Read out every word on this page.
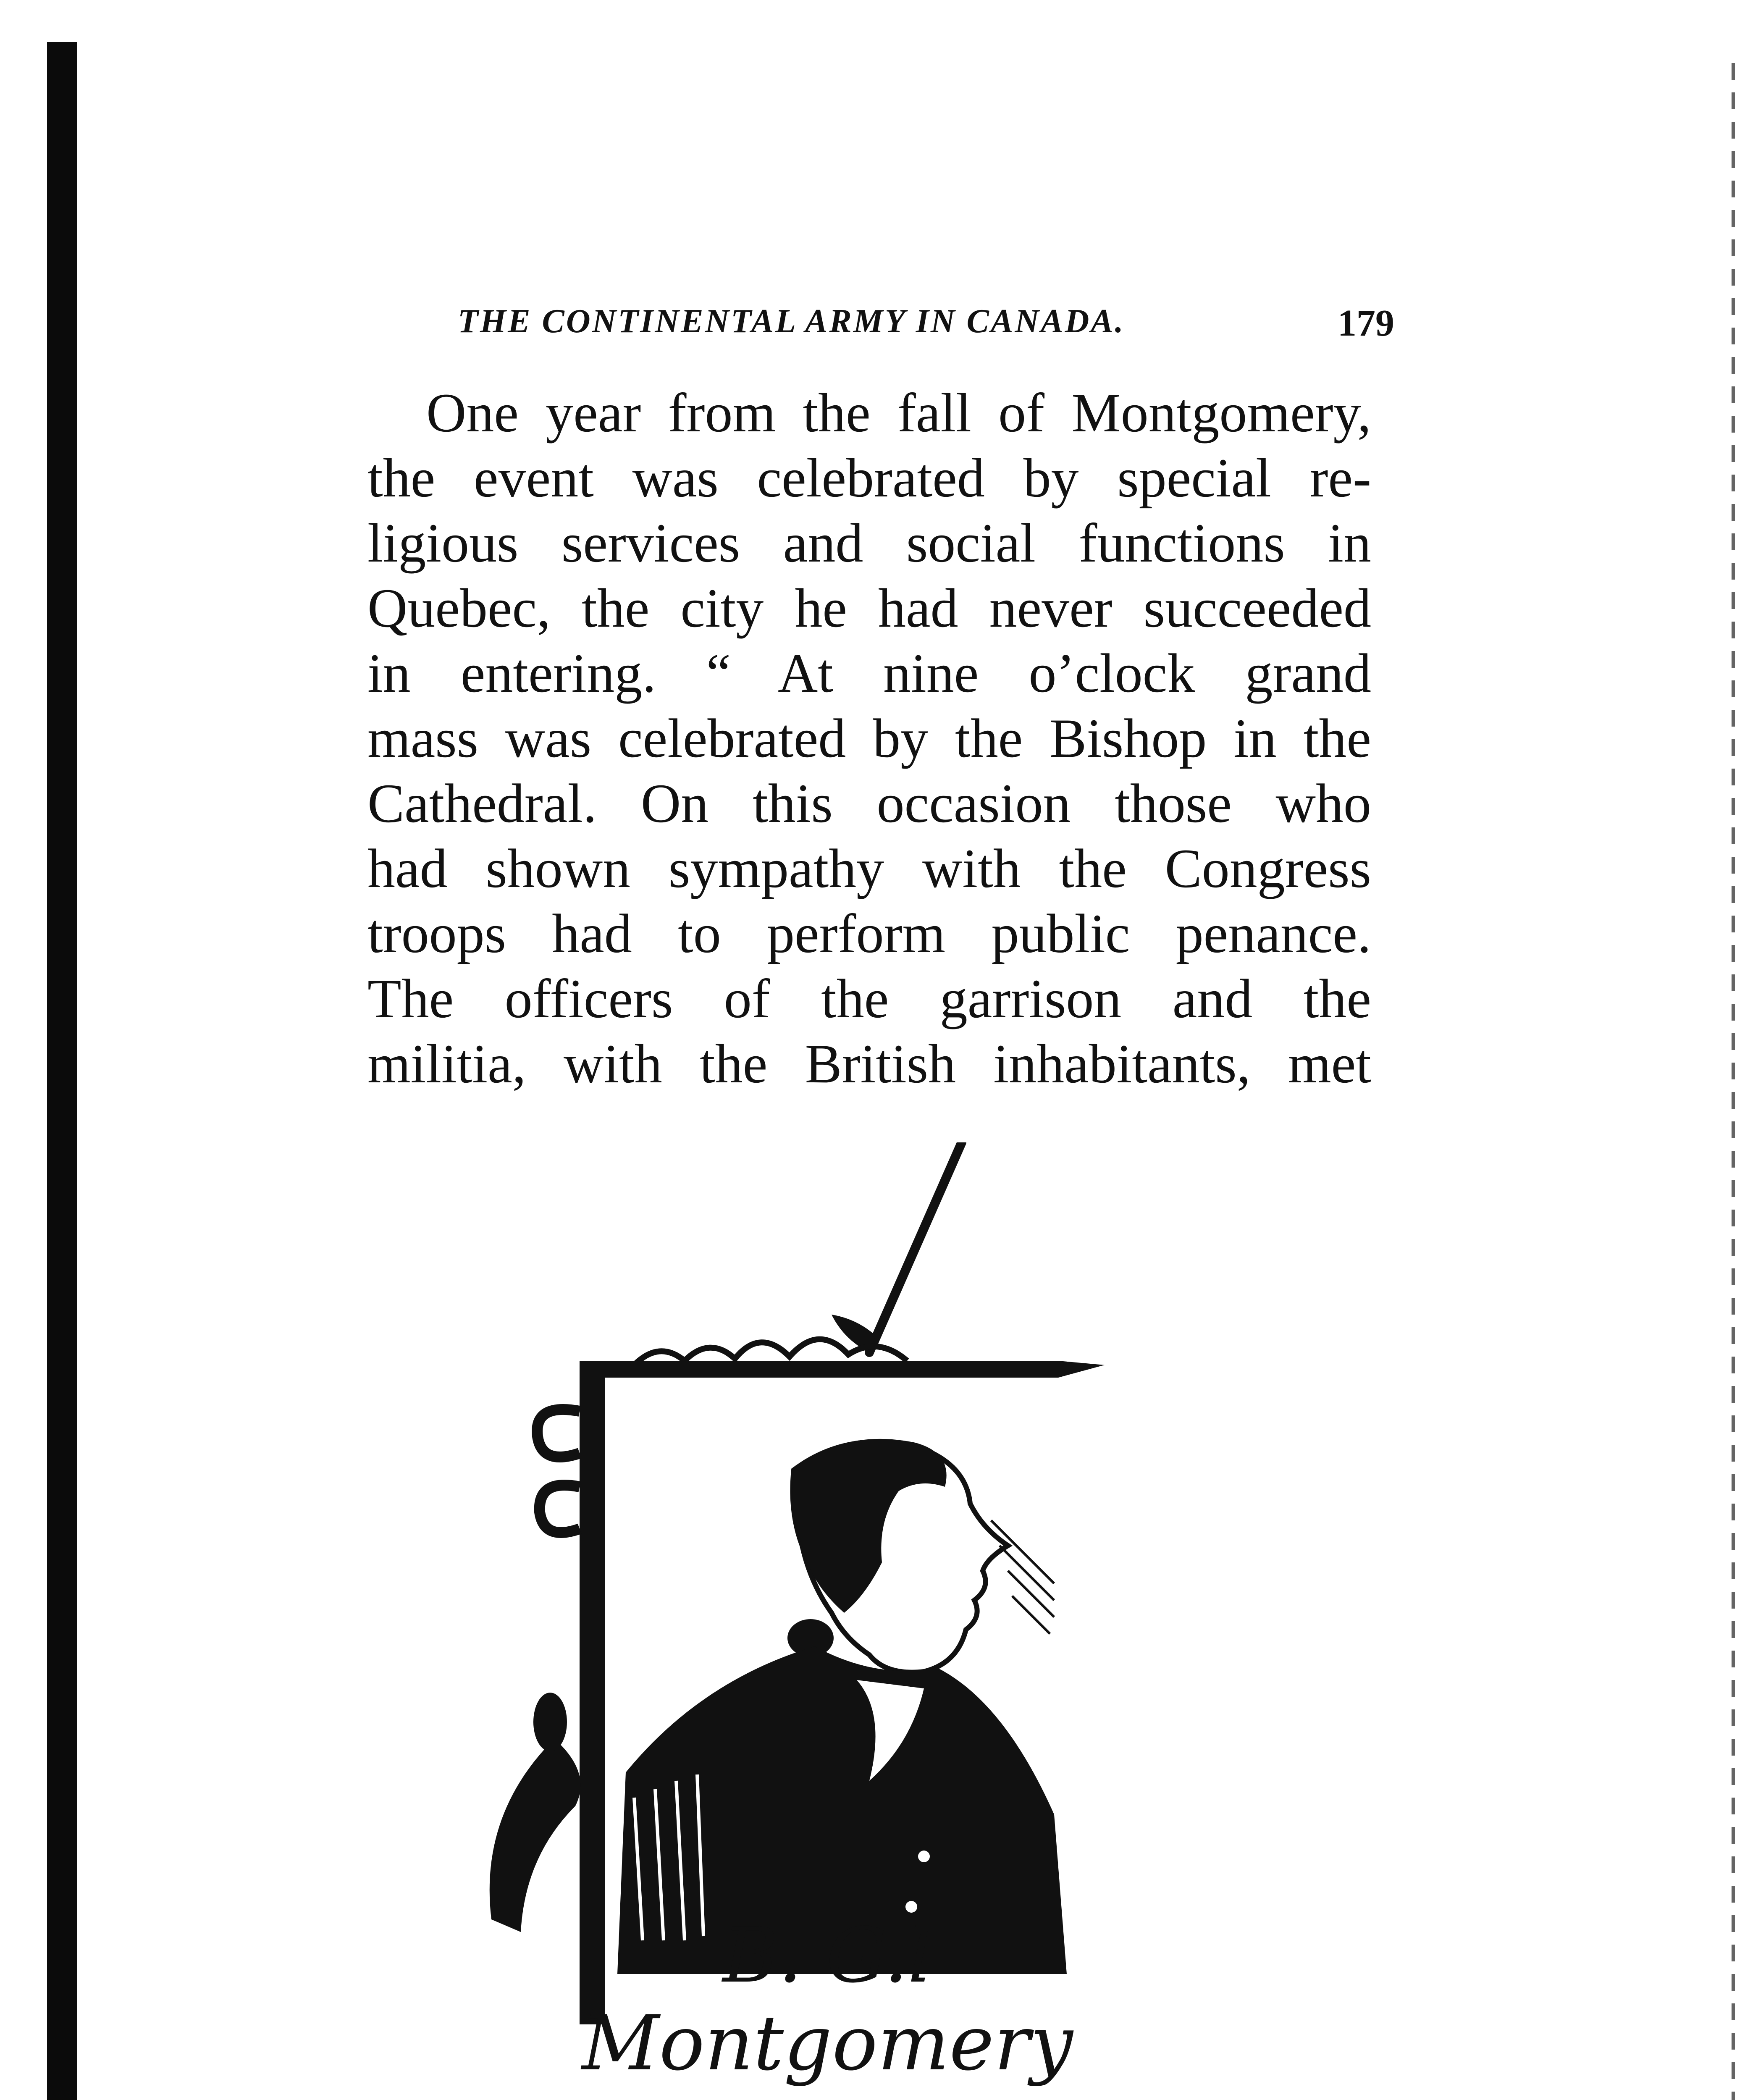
THE CONTINENTAL ARMY IN CANADA.	179
One year from the fall of Montgomery,
the event was celebrated by special re-
ligious services and social functions in
Quebec, the city he had never succeeded
in entering. “ At nine o’clock grand
mass was celebrated by the Bishop in the
Cathedral. On this occasion those who
had shown sympathy with the Congress
troops had to perform public penance.
The officers of the garrison and the
militia, with the British inhabitants, met
B. G.l Montgomery
